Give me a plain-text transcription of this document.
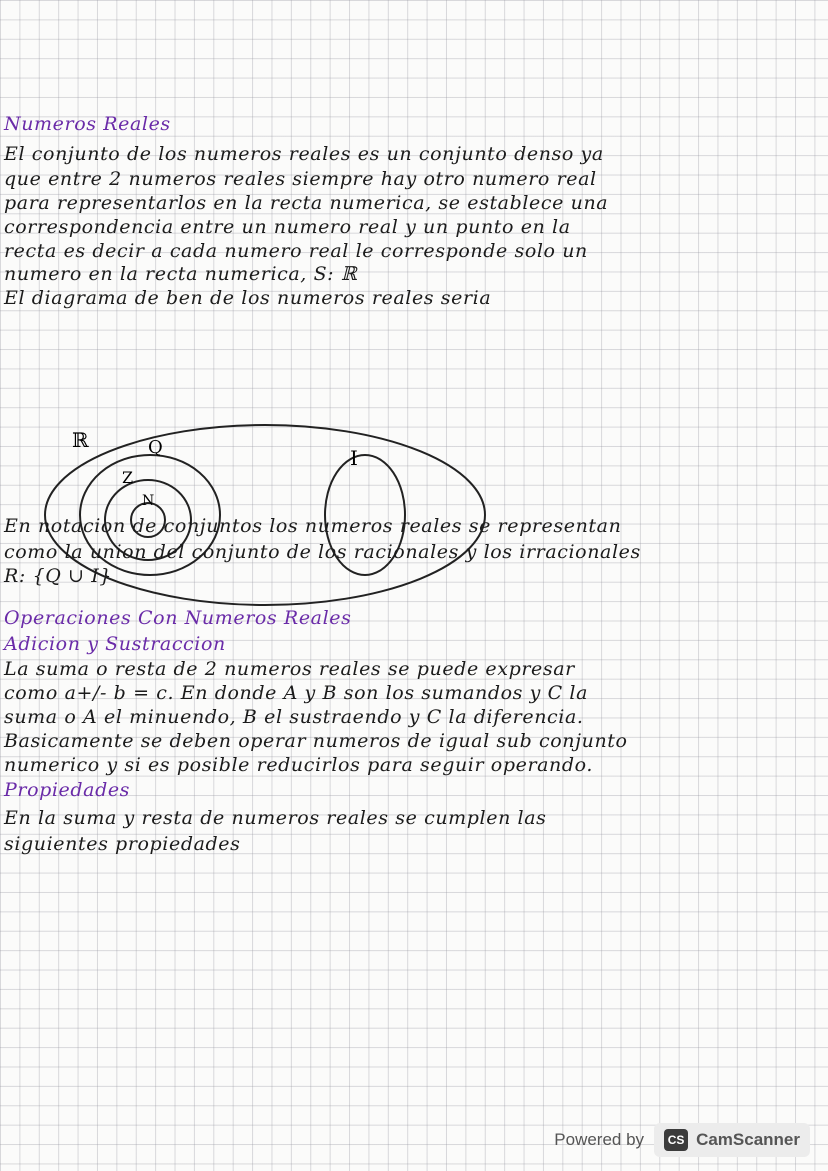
Numeros Reales
El conjunto de los numeros reales es un conjunto denso ya
que entre 2 numeros reales siempre hay otro numero real
para representarlos en la recta numerica, se establece una
correspondencia entre un numero real y un punto en la
recta es decir a cada numero real le corresponde solo un
numero en la recta numerica, S: ℝ
El diagrama de ben de los numeros reales seria
ℝ	Q
Z
N
I
En notacion de conjuntos los numeros reales se representan
como la union del conjunto de los racionales y los irracionales
R: {Q ∪ I}
Operaciones Con Numeros Reales
Adicion y Sustraccion
La suma o resta de 2 numeros reales se puede expresar
como a+/- b = c. En donde A y B son los sumandos y C la
suma o A el minuendo, B el sustraendo y C la diferencia.
Basicamente se deben operar numeros de igual sub conjunto
numerico y si es posible reducirlos para seguir operando.
Propiedades
En la suma y resta de numeros reales se cumplen las
siguientes propiedades
Powered by	CS CamScanner
